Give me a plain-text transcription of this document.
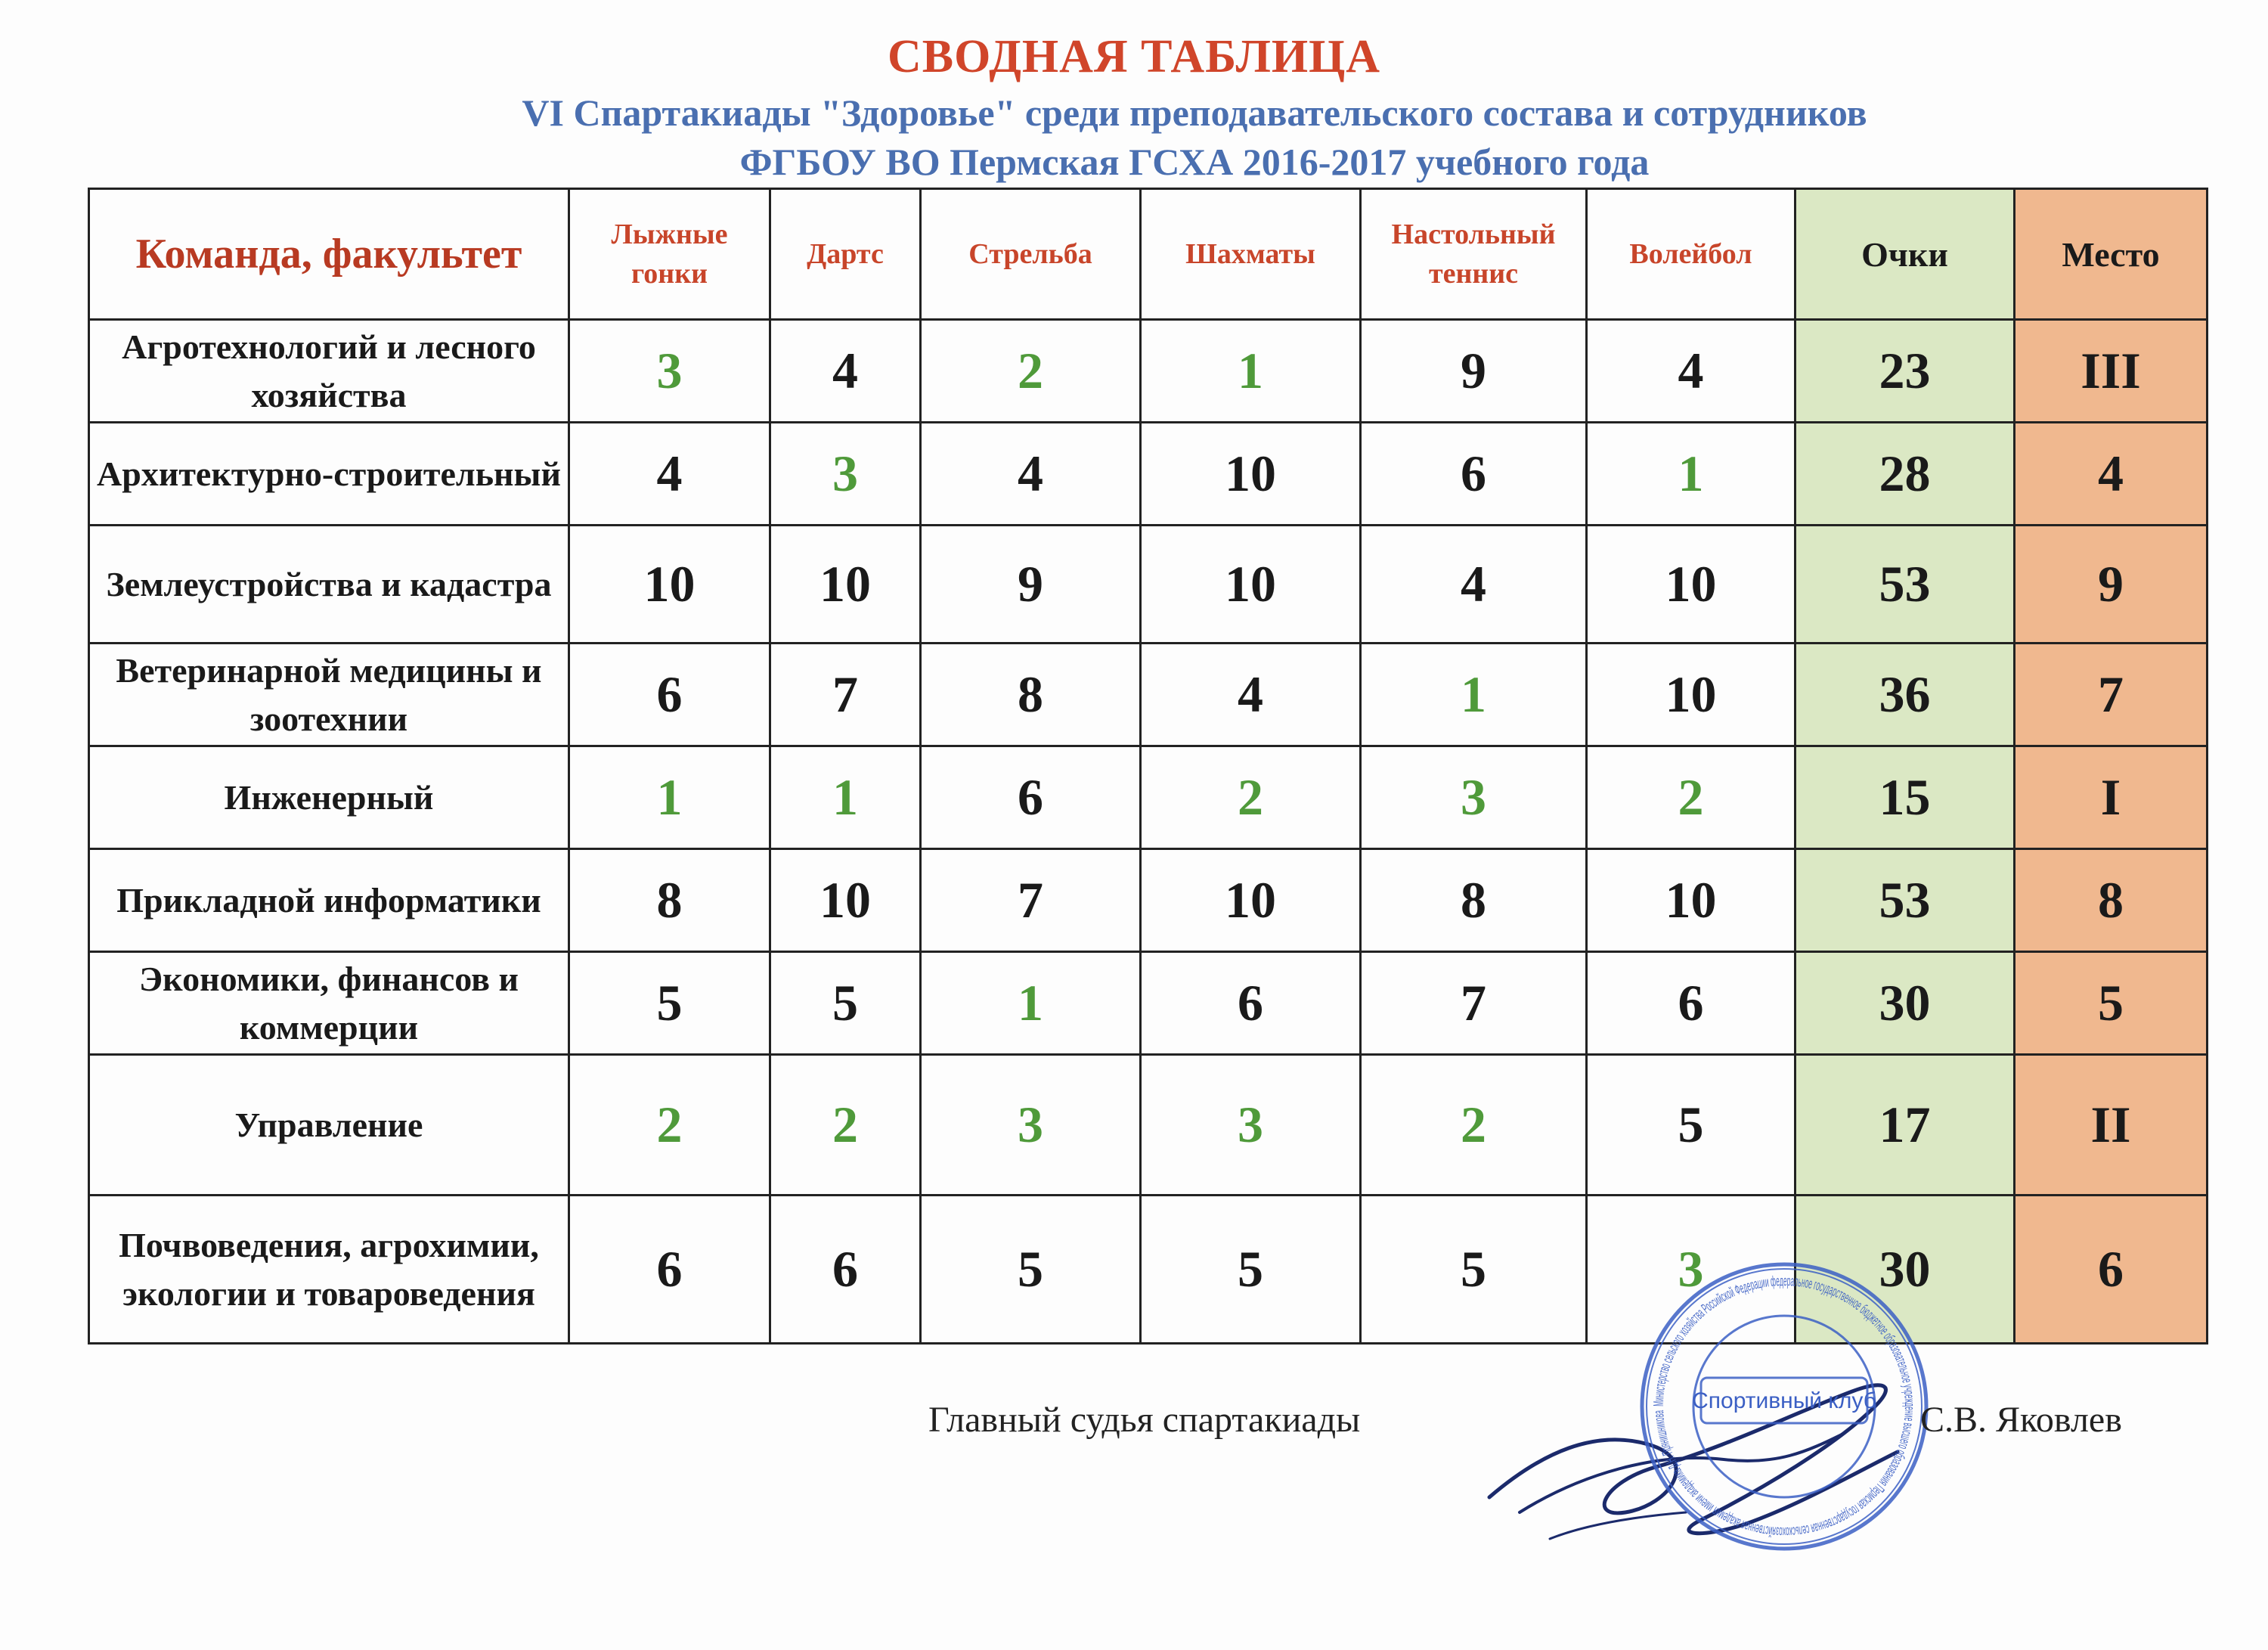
СВОДНАЯ ТАБЛИЦА
VI Спартакиады "Здоровье" среди преподавательского состава и сотрудников
ФГБОУ ВО Пермская ГСХА 2016-2017 учебного года
Команда, факультет	Лыжные гонки	Дартс	Стрельба	Шахматы	Настольный теннис	Волейбол	Очки	Место
Агротехнологий и лесного хозяйства	3	4	2	1	9	4	23	III
Архитектурно-строительный	4	3	4	10	6	1	28	4
Землеустройства и кадастра	10	10	9	10	4	10	53	9
Ветеринарной медицины и зоотехнии	6	7	8	4	1	10	36	7
Инженерный	1	1	6	2	3	2	15	I
Прикладной информатики	8	10	7	10	8	10	53	8
Экономики, финансов и коммерции	5	5	1	6	7	6	30	5
Управление	2	2	3	3	2	5	17	II
Почвоведения, агрохимии, экологии и товароведения	6	6	5	5	5	3	30	6
Главный судья спартакиады	Министерство сельского хозяйства Российской Федерации федеральное государственное бюджетное образовательное учреждение высшего образования Пермская государственная сельскохозяйственная академия имени академика Д.Н. Прянишникова	Спортивный клуб С.В. Яковлев
